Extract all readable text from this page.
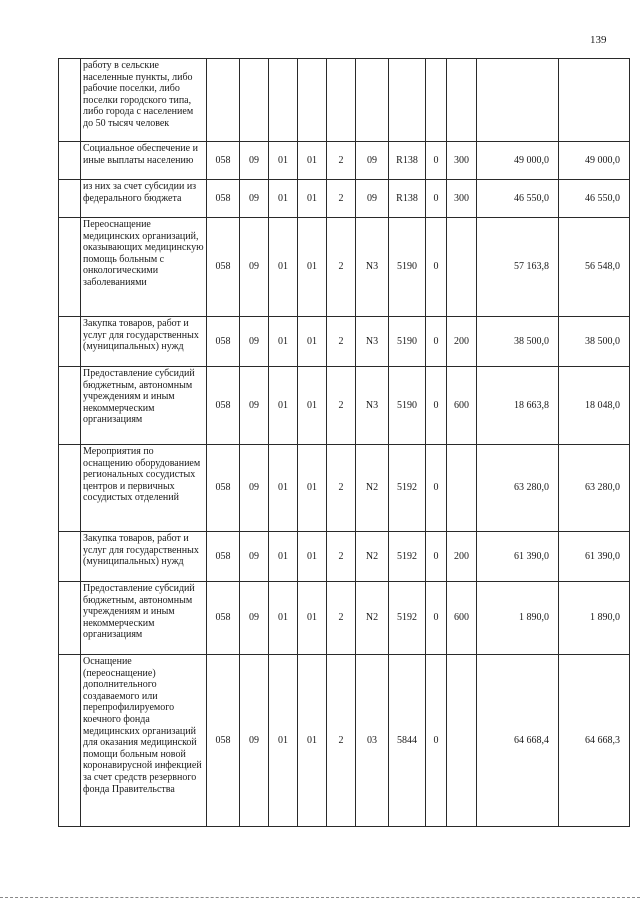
139
	работу в сельские населенные пункты, либо рабочие поселки, либо поселки городского типа, либо города с населением до 50 тысяч человек											
	Социальное обеспечение и иные выплаты населению	058	09	01	01	2	09	R138	0	300	49 000,0	49 000,0
	из них за счет субсидии из федерального бюджета	058	09	01	01	2	09	R138	0	300	46 550,0	46 550,0
	Переоснащение медицинских организаций, оказывающих медицинскую помощь больным с онкологическими заболеваниями	058	09	01	01	2	N3	5190	0		57 163,8	56 548,0
	Закупка товаров, работ и услуг для государственных (муниципальных) нужд	058	09	01	01	2	N3	5190	0	200	38 500,0	38 500,0
	Предоставление субсидий бюджетным, автономным учреждениям и иным некоммерческим организациям	058	09	01	01	2	N3	5190	0	600	18 663,8	18 048,0
	Мероприятия по оснащению оборудованием региональных сосудистых центров и первичных сосудистых отделений	058	09	01	01	2	N2	5192	0		63 280,0	63 280,0
	Закупка товаров, работ и услуг для государственных (муниципальных) нужд	058	09	01	01	2	N2	5192	0	200	61 390,0	61 390,0
	Предоставление субсидий бюджетным, автономным учреждениям и иным некоммерческим организациям	058	09	01	01	2	N2	5192	0	600	1 890,0	1 890,0
	Оснащение (переоснащение) дополнительного создаваемого или перепрофилируемого коечного фонда медицинских организаций для оказания медицинской помощи больным новой коронавирусной инфекцией за счет средств резервного фонда Правительства	058	09	01	01	2	03	5844	0		64 668,4	64 668,3
